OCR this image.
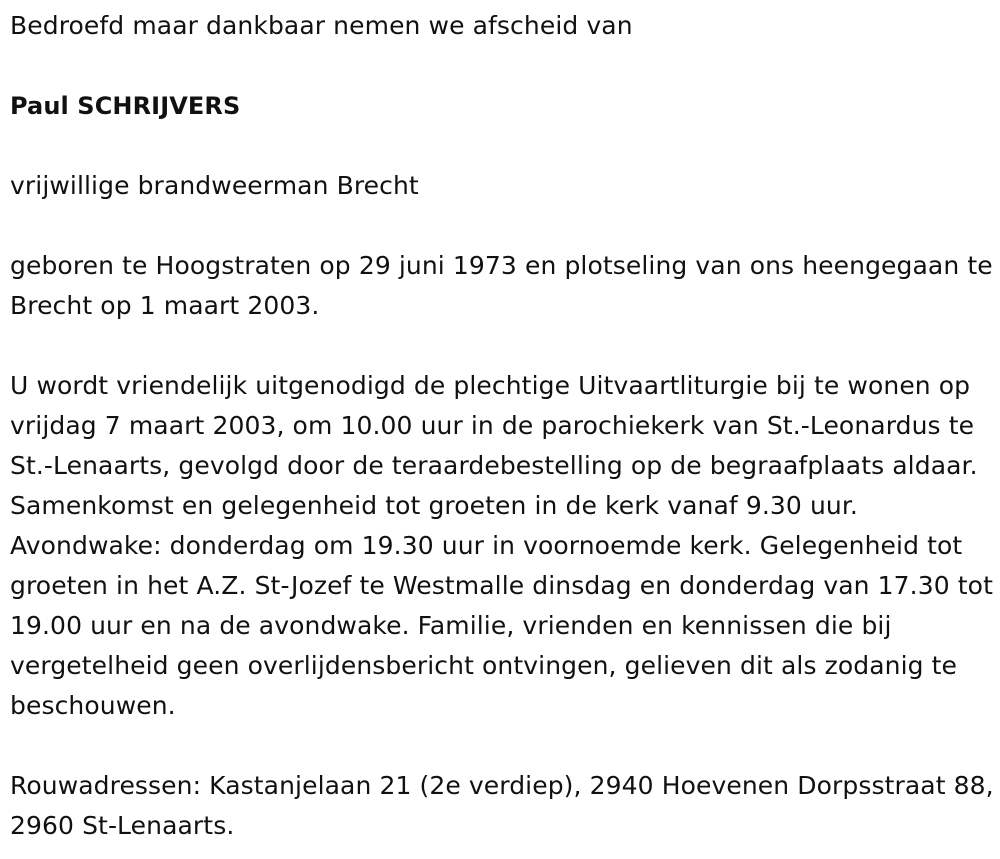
Bedroefd maar dankbaar nemen we afscheid van

Paul SCHRIJVERS

vrijwillige brandweerman Brecht

geboren te Hoogstraten op 29 juni 1973 en plotseling van ons heengegaan te Brecht op 1 maart 2003.

U wordt vriendelijk uitgenodigd de plechtige Uitvaartliturgie bij te wonen op vrijdag 7 maart 2003, om 10.00 uur in de parochiekerk van St.-Leonardus te St.-Lenaarts, gevolgd door de teraardebestelling op de begraafplaats aldaar. Samenkomst en gelegenheid tot groeten in de kerk vanaf 9.30 uur. Avondwake: donderdag om 19.30 uur in voornoemde kerk. Gelegenheid tot groeten in het A.Z. St-Jozef te Westmalle dinsdag en donderdag van 17.30 tot 19.00 uur en na de avondwake. Familie, vrienden en kennissen die bij vergetelheid geen overlijdensbericht ontvingen, gelieven dit als zodanig te beschouwen.

Rouwadressen: Kastanjelaan 21 (2e verdiep), 2940 Hoevenen Dorpsstraat 88, 2960 St-Lenaarts.
